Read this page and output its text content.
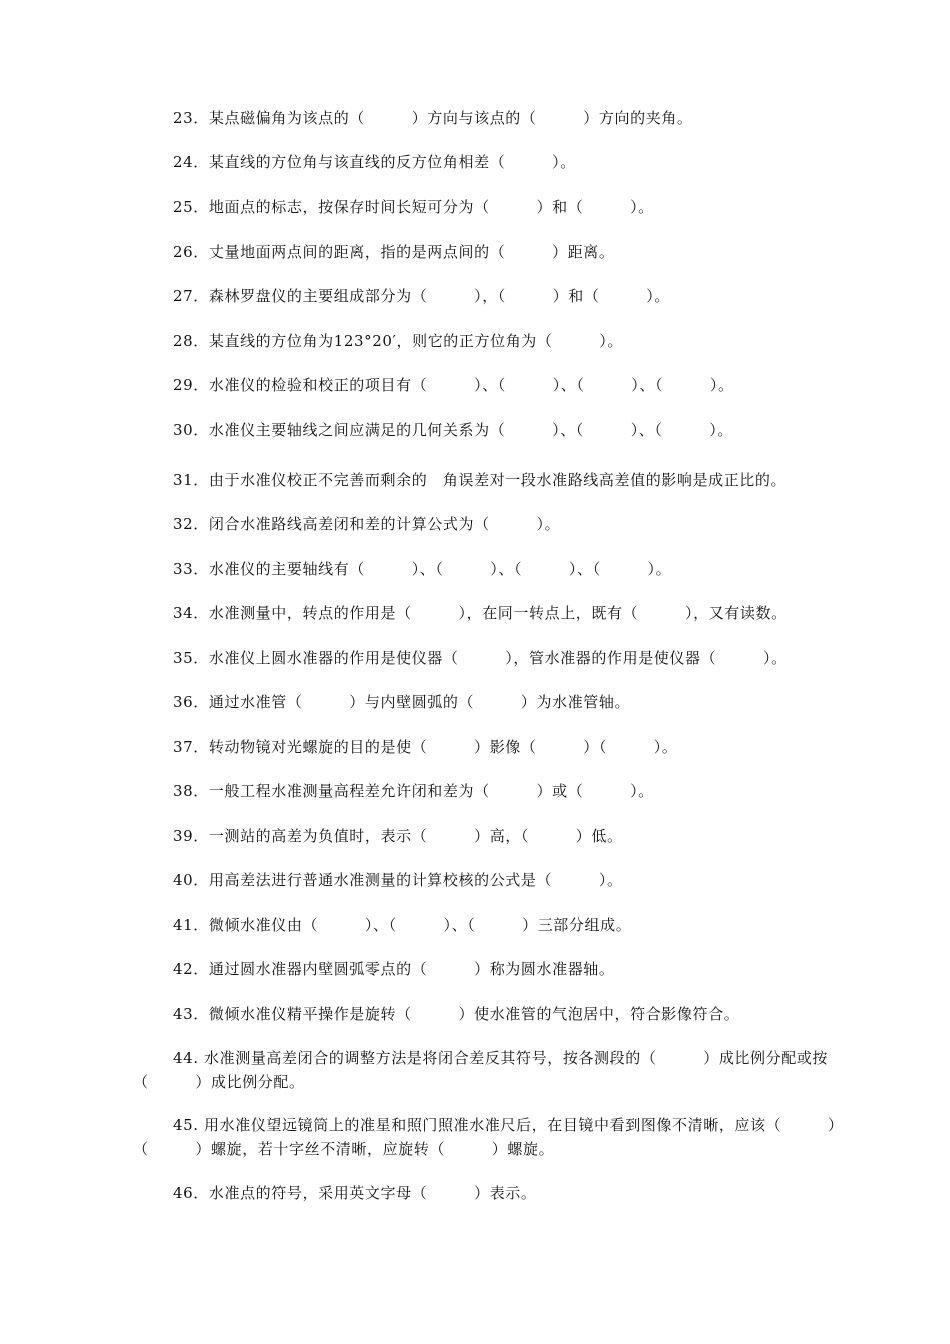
23．某点磁偏角为该点的（　　　）方向与该点的（　　　）方向的夹角。
24．某直线的方位角与该直线的反方位角相差（　　　）。
25．地面点的标志，按保存时间长短可分为（　　　）和（　　　）。
26．丈量地面两点间的距离，指的是两点间的（　　　）距离。
27．森林罗盘仪的主要组成部分为（　　　），（　　　）和（　　　）。
28．某直线的方位角为123°20′，则它的正方位角为（　　　）。
29．水准仪的检验和校正的项目有（　　　）、（　　　）、（　　　）、（　　　）。
30．水准仪主要轴线之间应满足的几何关系为（　　　）、（　　　）、（　　　）。
31．由于水准仪校正不完善而剩余的　角误差对一段水准路线高差值的影响是成正比的。
32．闭合水准路线高差闭和差的计算公式为（　　　）。
33．水准仪的主要轴线有（　　　）、（　　　）、（　　　）、（　　　）。
34．水准测量中，转点的作用是（　　　），在同一转点上，既有（　　　），又有读数。
35．水准仪上圆水准器的作用是使仪器（　　　），管水准器的作用是使仪器（　　　）。
36．通过水准管（　　　）与内壁圆弧的（　　　）为水准管轴。
37．转动物镜对光螺旋的目的是使（　　　）影像（　　　）（　　　）。
38．一般工程水准测量高程差允许闭和差为（　　　）或（　　　）。
39．一测站的高差为负值时，表示（　　　）高，（　　　）低。
40．用高差法进行普通水准测量的计算校核的公式是（　　　）。
41．微倾水准仪由（　　　）、（　　　）、（　　　）三部分组成。
42．通过圆水准器内壁圆弧零点的（　　　）称为圆水准器轴。
43．微倾水准仪精平操作是旋转（　　　）使水准管的气泡居中，符合影像符合。
44. 水准测量高差闭合的调整方法是将闭合差反其符号，按各测段的（　　　）成比例分配或按（　　　）成比例分配。
45. 用水准仪望远镜筒上的准星和照门照准水准尺后，在目镜中看到图像不清晰，应该（　　　）（　　　）螺旋，若十字丝不清晰，应旋转（　　　）螺旋。
46．水准点的符号，采用英文字母（　　　）表示。
